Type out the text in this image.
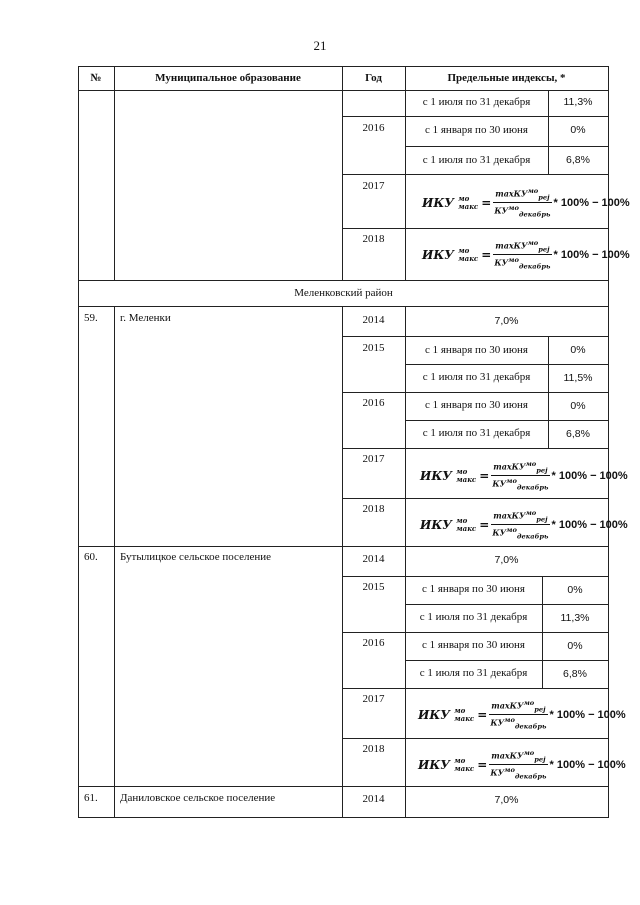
21
№	Муниципальное образование	Год	Предельные индексы, *
с 1 июля по 31 декабря	11,3%
2016	с 1 января по 30 июня	0%
с 1 июля по 31 декабря	6,8%
2017
ИКУ мо
макс = $\frac{\max КУ^{мо}_{pej}}{КУ^{мо}_{декабрь}} * 100\% - 100\%$
2018
ИКУ мо
макс = $\frac{\max КУ^{мо}_{pej}}{КУ^{мо}_{декабрь}} * 100\% - 100\%$
Меленковский район
59. г. Меленки	2014	7,0%
2015	с 1 января по 30 июня	0%
с 1 июля по 31 декабря	11,5%
2016	с 1 января по 30 июня	0%
с 1 июля по 31 декабря	6,8%
2017
ИКУ мо
макс = $\frac{\max КУ^{мо}_{pej}}{КУ^{мо}_{декабрь}} * 100\% - 100\%$
2018
ИКУ мо
макс = $\frac{\max КУ^{мо}_{pej}}{КУ^{мо}_{декабрь}} * 100\% - 100\%$
60. Бутылицкое сельское поселение	2014	7,0%
2015	с 1 января по 30 июня	0%
с 1 июля по 31 декабря	11,3%
2016	с 1 января по 30 июня	0%
с 1 июля по 31 декабря	6,8%
2017
ИКУ мо
макс = $\frac{\max КУ^{мо}_{pej}}{КУ^{мо}_{декабрь}} * 100\% - 100\%$
2018
ИКУ мо
макс = $\frac{\max КУ^{мо}_{pej}}{КУ^{мо}_{декабрь}} * 100\% - 100\%$
61. Даниловское сельское поселение	2014	7,0%
